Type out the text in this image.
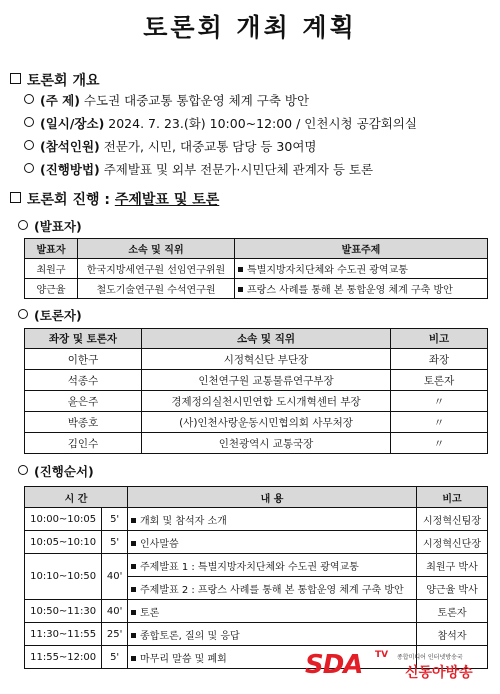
토론회 개최 계획
토론회 개요
(주 제) 수도권 대중교통 통합운영 체계 구축 방안
(일시/장소) 2024. 7. 23.(화) 10:00~12:00 / 인천시청 공감회의실
(참석인원) 전문가, 시민, 대중교통 담당 등 30여명
(진행방법) 주제발표 및 외부 전문가·시민단체 관계자 등 토론
토론회 진행 : 주제발표 및 토론
(발표자)
발표자	소속 및 직위	발표주제
최원구	한국지방세연구원 선임연구위원	특별지방자치단체와 수도권 광역교통
양근율	철도기술연구원 수석연구원	프랑스 사례를 통해 본 통합운영 체계 구축 방안
(토론자)
좌장 및 토론자	소속 및 직위	비고
이한구	시정혁신단 부단장	좌장
석종수	인천연구원 교통물류연구부장	토론자
윤은주	경제정의실천시민연합 도시개혁센터 부장	〃
박종호	(사)인천사랑운동시민협의회 사무처장	〃
김인수	인천광역시 교통국장	〃
(진행순서)
시 간		내 용	비고
10:00~10:05	5'	개회 및 참석자 소개	시정혁신팀장
10:05~10:10	5'	인사말씀	시정혁신단장
10:10~10:50	40'	주제발표 1 : 특별지방자치단체와 수도권 광역교통	최원구 박사
		주제발표 2 : 프랑스 사례를 통해 본 통합운영 체계 구축 방안	양근율 박사
10:50~11:30	40'	토론	토론자
11:30~11:55	25'	종합토론, 질의 및 응답	참석자
11:55~12:00	5'	마무리 말씀 및 폐회		SDA TV 종합미디어 인터넷방송국
신동아방송
